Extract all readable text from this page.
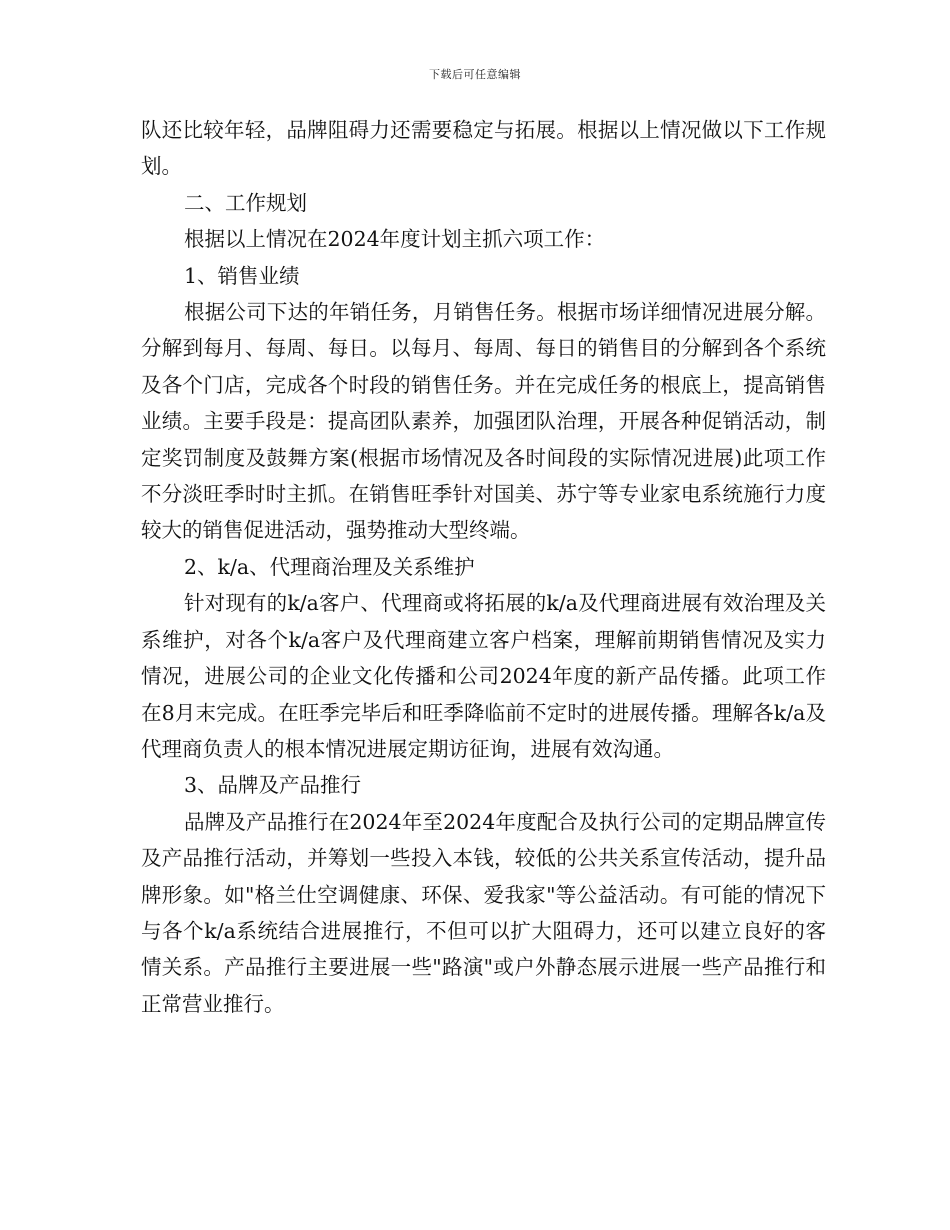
下载后可任意编辑

队还比较年轻，品牌阻碍力还需要稳定与拓展。根据以上情况做以下工作规划。

二、工作规划

根据以上情况在2024年度计划主抓六项工作：

1、销售业绩

根据公司下达的年销任务，月销售任务。根据市场详细情况进展分解。分解到每月、每周、每日。以每月、每周、每日的销售目的分解到各个系统及各个门店，完成各个时段的销售任务。并在完成任务的根底上，提高销售业绩。主要手段是：提高团队素养，加强团队治理，开展各种促销活动，制定奖罚制度及鼓舞方案(根据市场情况及各时间段的实际情况进展)此项工作不分淡旺季时时主抓。在销售旺季针对国美、苏宁等专业家电系统施行力度较大的销售促进活动，强势推动大型终端。

2、k/a、代理商治理及关系维护

针对现有的k/a客户、代理商或将拓展的k/a及代理商进展有效治理及关系维护，对各个k/a客户及代理商建立客户档案，理解前期销售情况及实力情况，进展公司的企业文化传播和公司2024年度的新产品传播。此项工作在8月末完成。在旺季完毕后和旺季降临前不定时的进展传播。理解各k/a及代理商负责人的根本情况进展定期访征询，进展有效沟通。

3、品牌及产品推行

品牌及产品推行在2024年至2024年度配合及执行公司的定期品牌宣传及产品推行活动，并筹划一些投入本钱，较低的公共关系宣传活动，提升品牌形象。如"格兰仕空调健康、环保、爱我家"等公益活动。有可能的情况下与各个k/a系统结合进展推行，不但可以扩大阻碍力，还可以建立良好的客情关系。产品推行主要进展一些"路演"或户外静态展示进展一些产品推行和正常营业推行。
